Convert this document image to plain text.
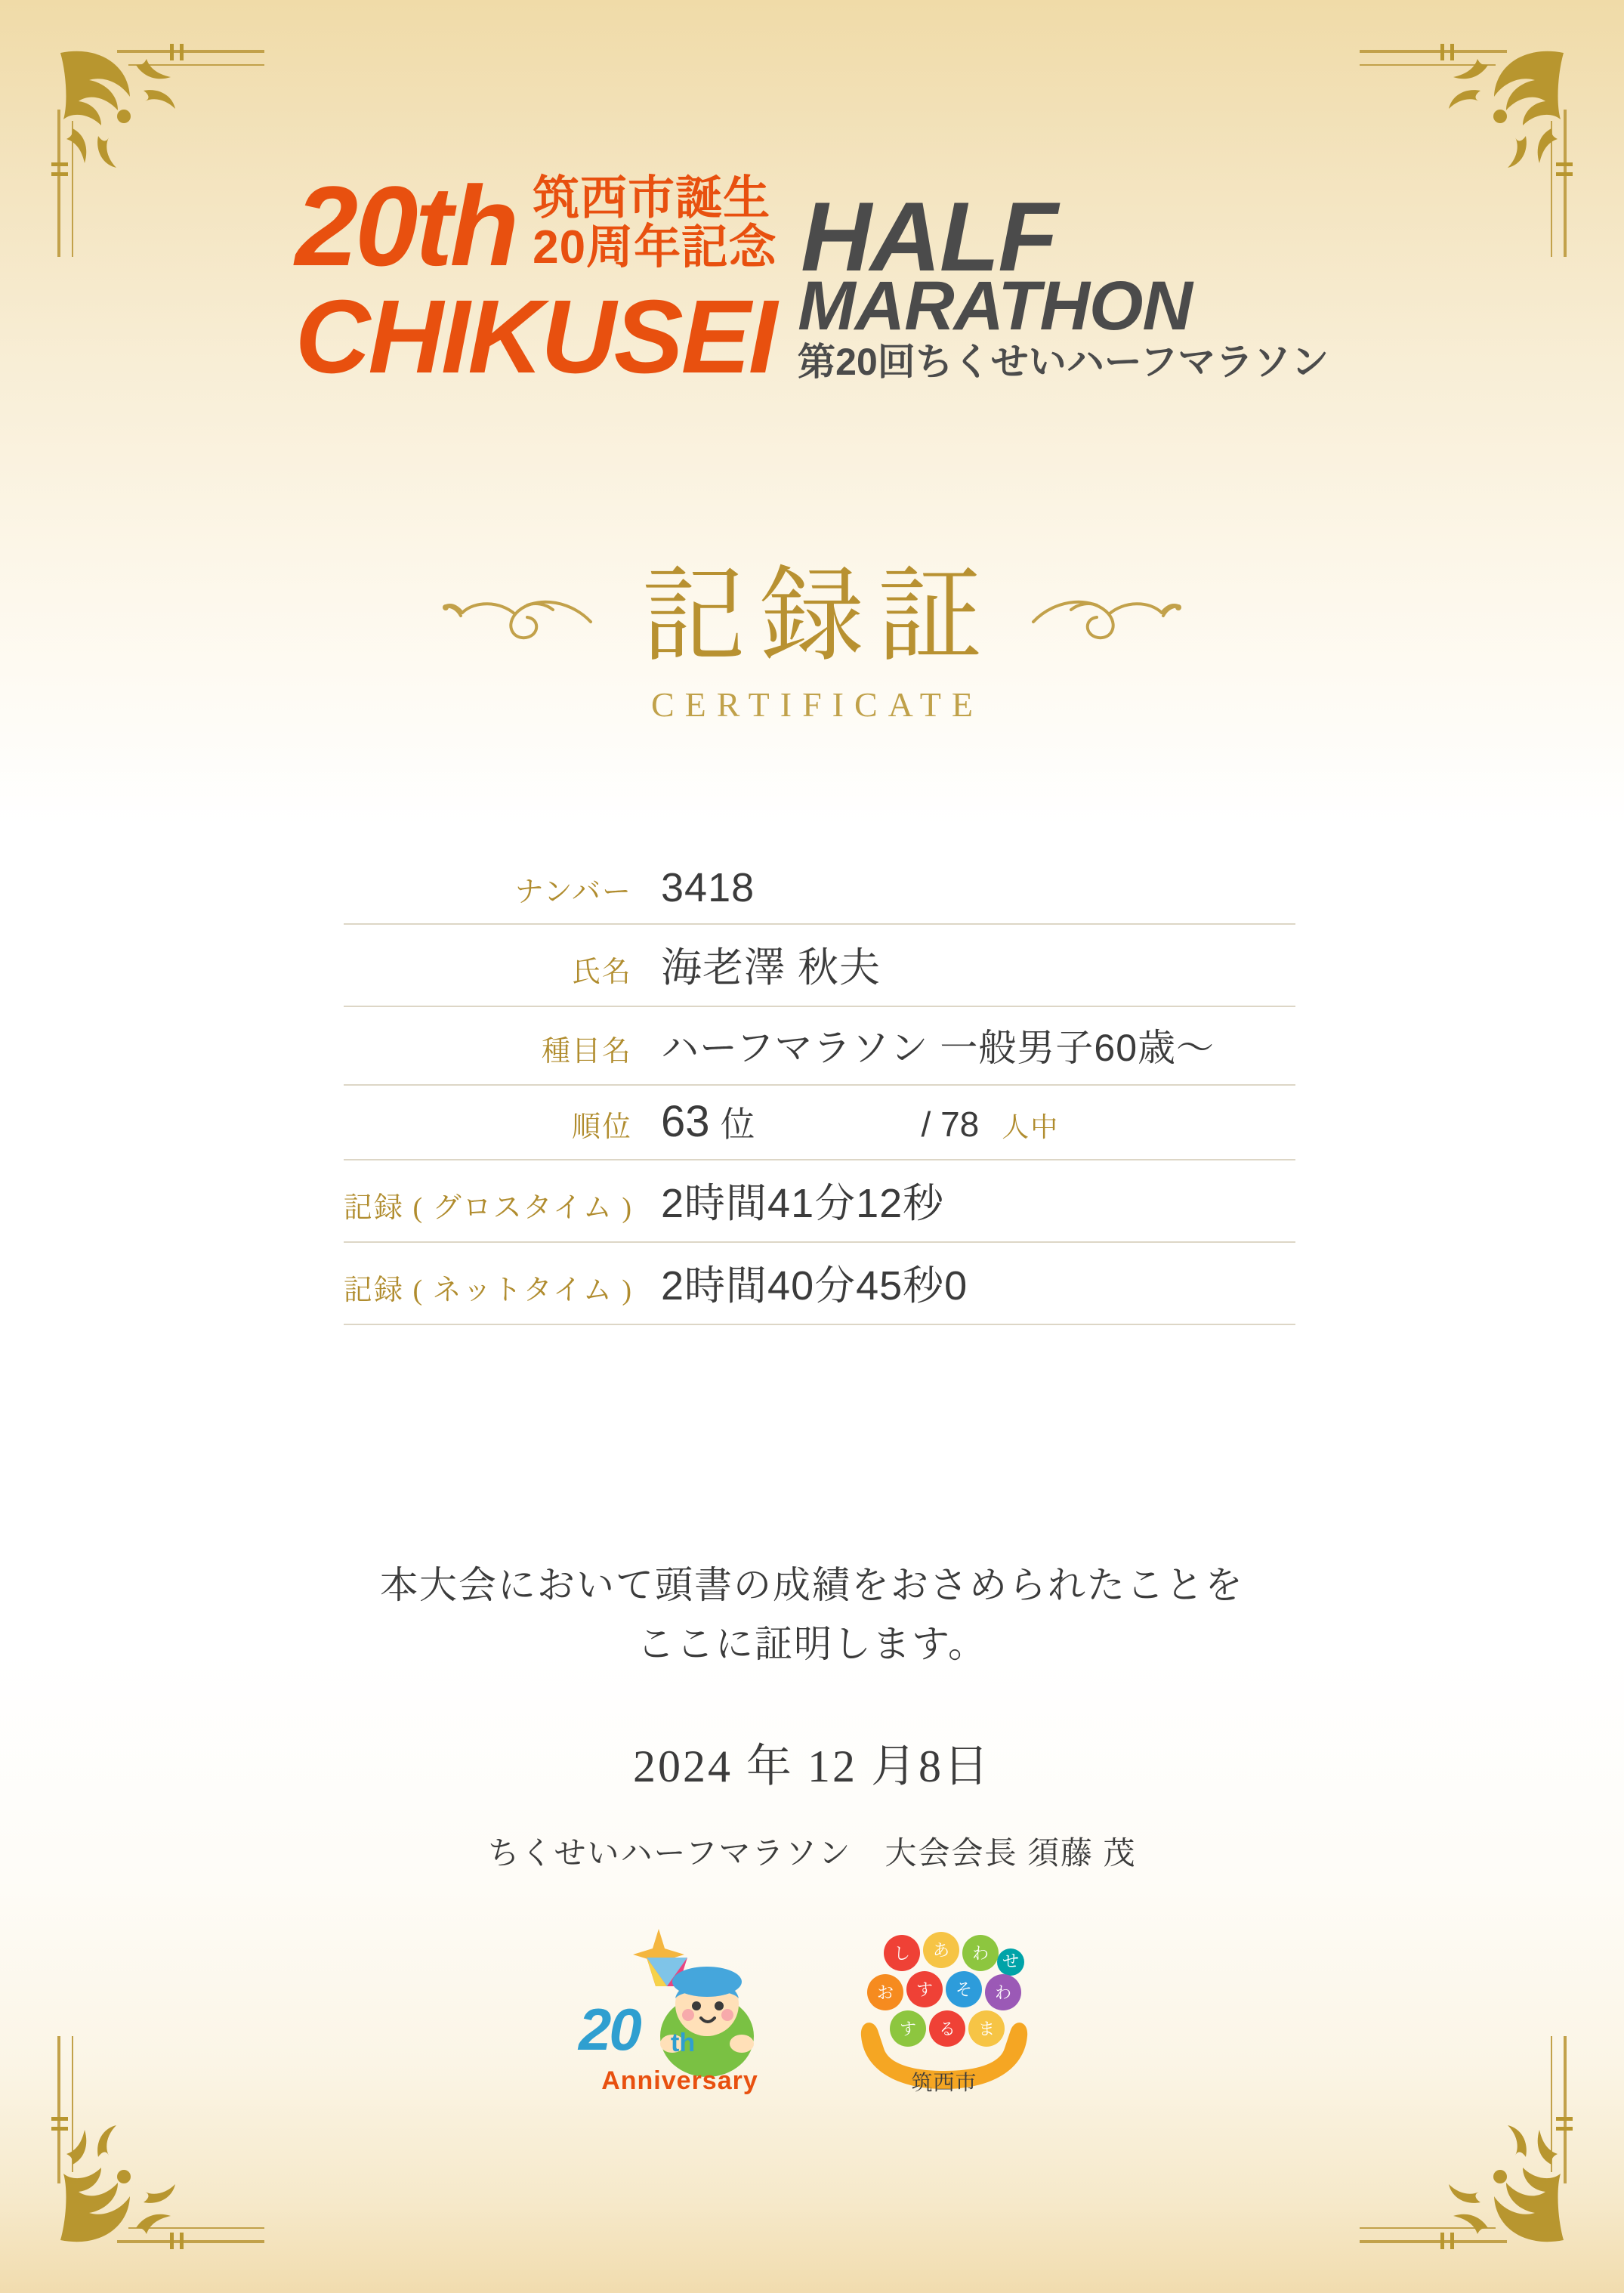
20th 筑西市誕生
20周年記念 HALF
CHIKUSEI MARATHON
第20回ちくせいハーフマラソン
記録証
CERTIFICATE
ナンバー 3418
氏名 海老澤 秋夫
種目名 ハーフマラソン 一般男子60歳〜
順位 63 位	/ 78 人中
記録 ( グロスタイム ) 2時間41分12秒
記録 ( ネットタイム ) 2時間40分45秒0
本大会において頭書の成績をおさめられたことを
ここに証明します。
2024 年 12 月8日
ちくせいハーフマラソン　大会会長 須藤 茂
20 th
Anniversary
し あ わ せ
お す そ わ
す る ま
筑西市
